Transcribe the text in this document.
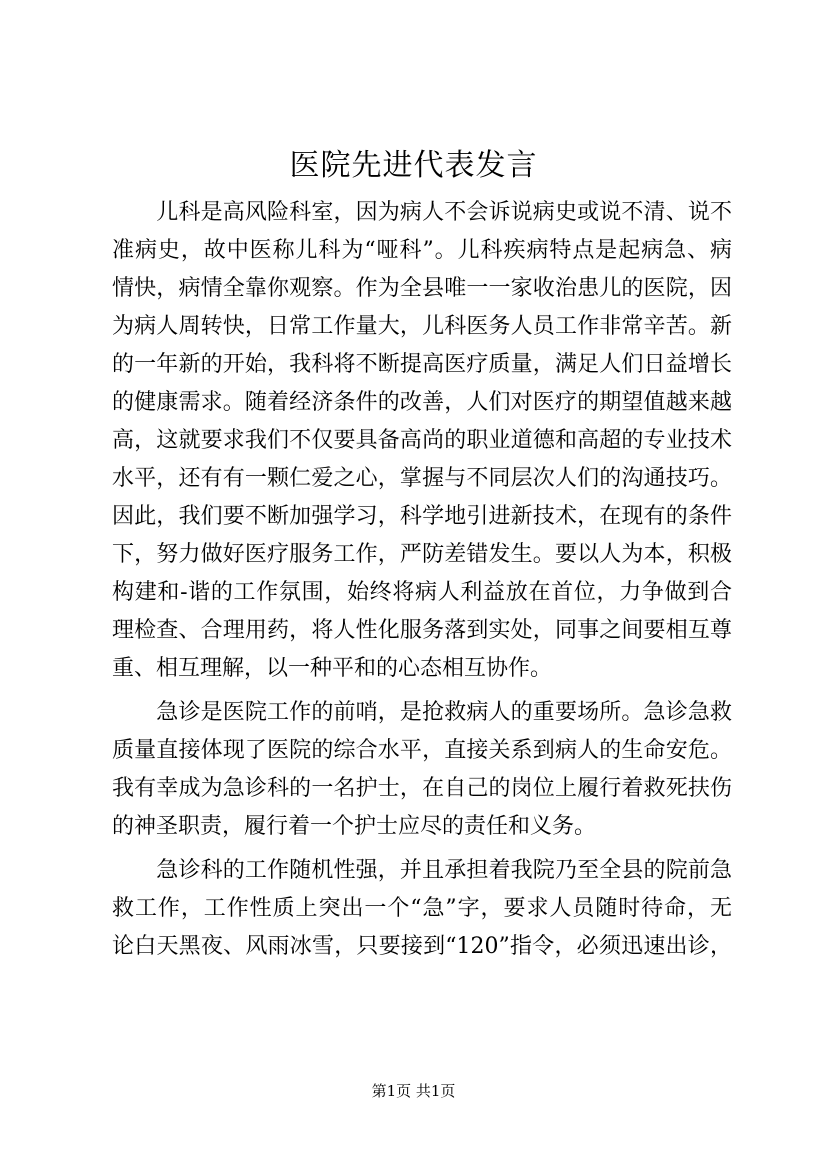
医院先进代表发言
　　儿科是高风险科室，因为病人不会诉说病史或说不清、说不
准病史，故中医称儿科为“哑科”。儿科疾病特点是起病急、病
情快，病情全靠你观察。作为全县唯一一家收治患儿的医院，因
为病人周转快，日常工作量大，儿科医务人员工作非常辛苦。新
的一年新的开始，我科将不断提高医疗质量，满足人们日益增长
的健康需求。随着经济条件的改善，人们对医疗的期望值越来越
高，这就要求我们不仅要具备高尚的职业道德和高超的专业技术
水平，还有有一颗仁爱之心，掌握与不同层次人们的沟通技巧。
因此，我们要不断加强学习，科学地引进新技术，在现有的条件
下，努力做好医疗服务工作，严防差错发生。要以人为本，积极
构建和-谐的工作氛围，始终将病人利益放在首位，力争做到合
理检查、合理用药，将人性化服务落到实处，同事之间要相互尊
重、相互理解，以一种平和的心态相互协作。
　　急诊是医院工作的前哨，是抢救病人的重要场所。急诊急救
质量直接体现了医院的综合水平，直接关系到病人的生命安危。
我有幸成为急诊科的一名护士，在自己的岗位上履行着救死扶伤
的神圣职责，履行着一个护士应尽的责任和义务。
　　急诊科的工作随机性强，并且承担着我院乃至全县的院前急
救工作，工作性质上突出一个“急”字，要求人员随时待命，无
论白天黑夜、风雨冰雪，只要接到“120”指令，必须迅速出诊，
第1页 共1页
